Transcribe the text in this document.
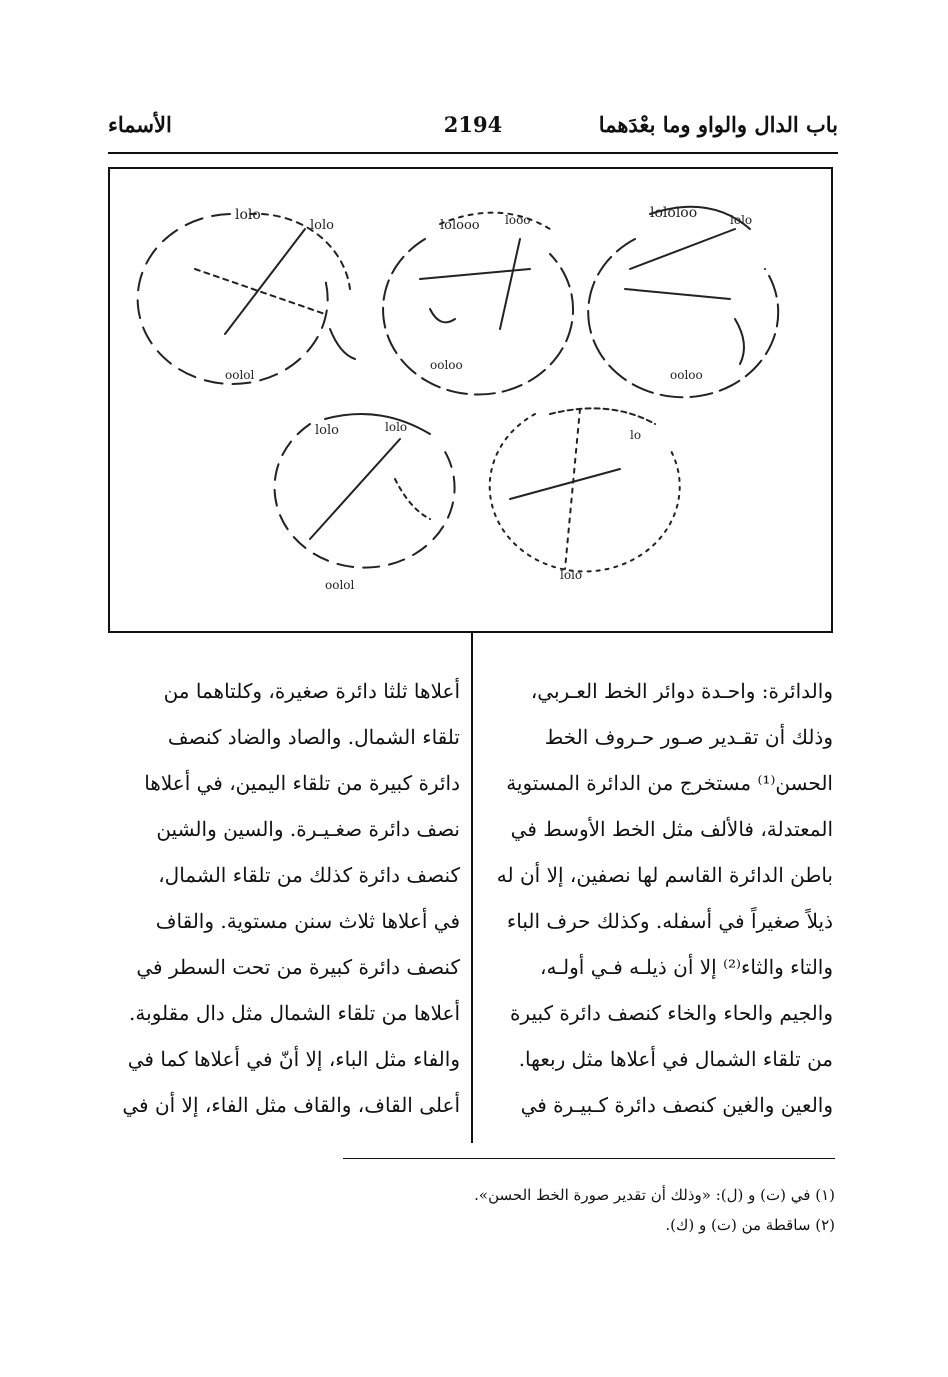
باب الدال والواو وما بعْدَهما
2194
الأسماء
lolo
lolo
oolol
lolooo looo
ooloo
lololoo	lolo
ooloo
lolo	lolo
oolol
lo
lolo

والدائرة: واحـدة دوائر الخط العـربي،

وذلك أن تقـدير صـور حـروف الخط

الحسن⁽¹⁾ مستخرج من الدائرة المستوية

المعتدلة، فالألف مثل الخط الأوسط في

باطن الدائرة القاسم لها نصفين، إلا أن له

ذيلاً صغيراً في أسفله. وكذلك حرف الباء

والتاء والثاء⁽²⁾ إلا أن ذيلـه فـي أولـه،

والجيم والحاء والخاء كنصف دائرة كبيرة

من تلقاء الشمال في أعلاها مثل ربعها.

والعين والغين كنصف دائرة كـبيـرة في

أعلاها ثلثا دائرة صغيرة، وكلتاهما من

تلقاء الشمال. والصاد والضاد كنصف

دائرة كبيرة من تلقاء اليمين، في أعلاها

نصف دائرة صغـيـرة. والسين والشين

كنصف دائرة كذلك من تلقاء الشمال،

في أعلاها ثلاث سنن مستوية. والقاف

كنصف دائرة كبيرة من تحت السطر في

أعلاها من تلقاء الشمال مثل دال مقلوبة.

والفاء مثل الباء، إلا أنّ في أعلاها كما في

أعلى القاف، والقاف مثل الفاء، إلا أن في

(١) في (ت) و (ل): «وذلك أن تقدير صورة الخط الحسن».

(٢) ساقطة من (ت) و (ك).
